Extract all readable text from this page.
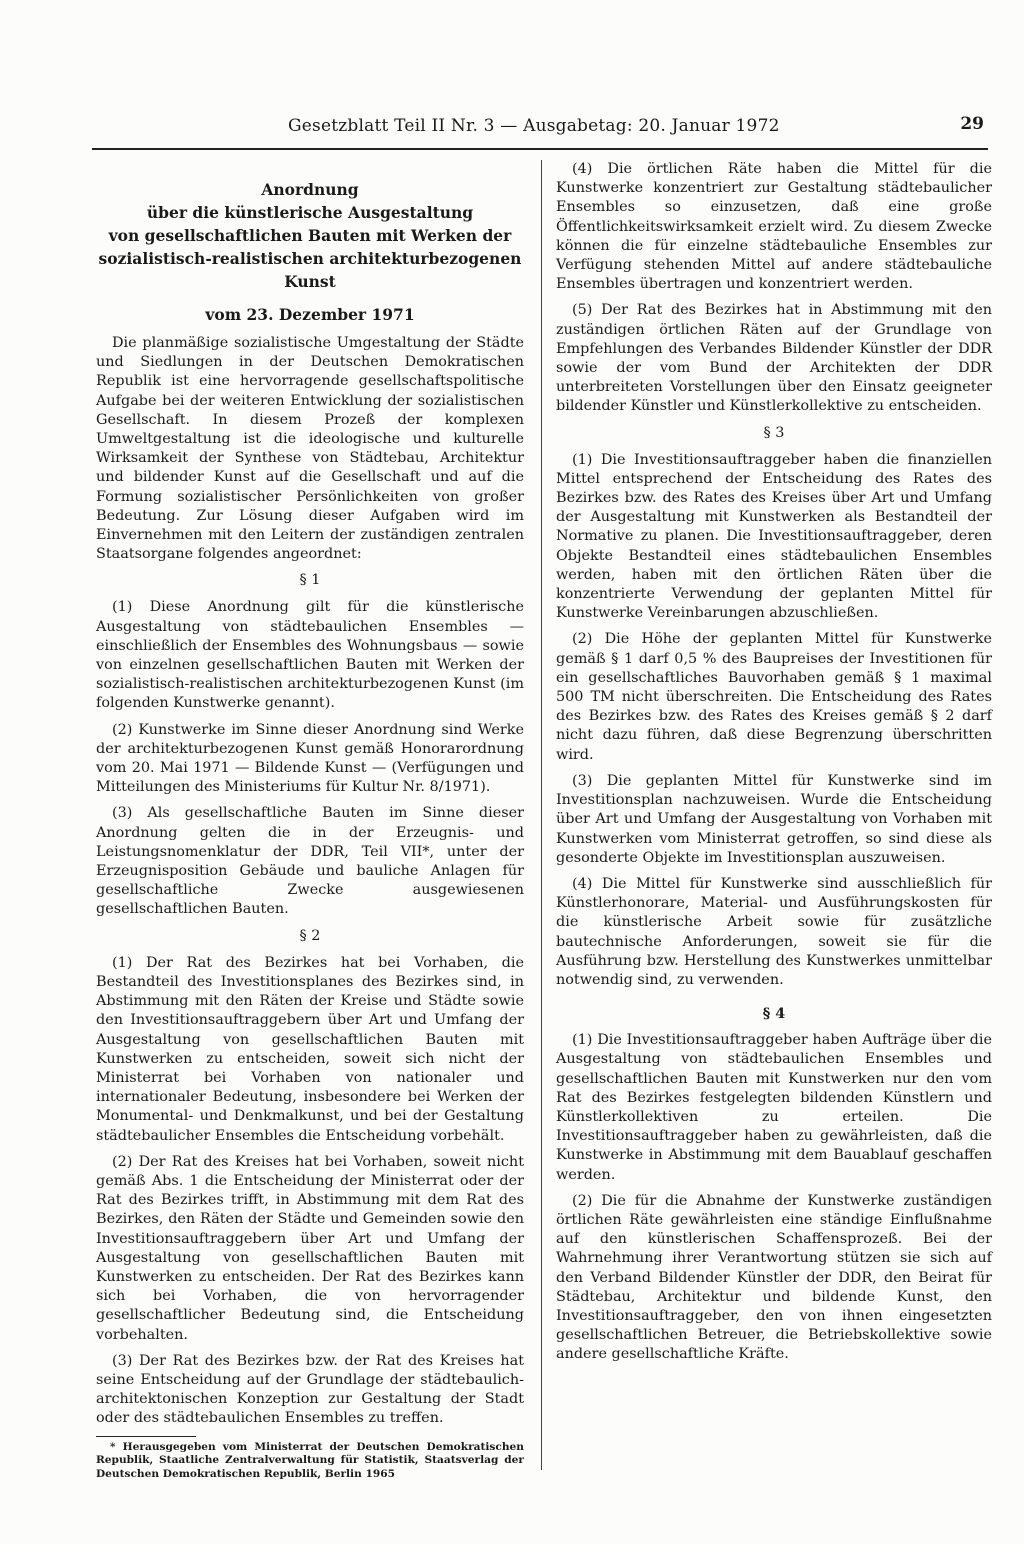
Gesetzblatt Teil II Nr. 3 — Ausgabetag: 20. Januar 1972	29
Anordnung
über die künstlerische Ausgestaltung
von gesellschaftlichen Bauten mit Werken der
sozialistisch-realistischen architekturbezogenen
Kunst
vom 23. Dezember 1971

Die planmäßige sozialistische Umgestaltung der Städte und Siedlungen in der Deutschen Demokratischen Republik ist eine hervorragende gesellschaftspolitische Aufgabe bei der weiteren Entwicklung der sozialistischen Gesellschaft. In diesem Prozeß der komplexen Umweltgestaltung ist die ideologische und kulturelle Wirksamkeit der Synthese von Städtebau, Architektur und bildender Kunst auf die Gesellschaft und auf die Formung sozialistischer Persönlichkeiten von großer Bedeutung. Zur Lösung dieser Aufgaben wird im Einvernehmen mit den Leitern der zuständigen zentralen Staatsorgane folgendes angeordnet:

§ 1

(1) Diese Anordnung gilt für die künstlerische Ausgestaltung von städtebaulichen Ensembles — einschließlich der Ensembles des Wohnungsbaus — sowie von einzelnen gesellschaftlichen Bauten mit Werken der sozialistisch-realistischen architekturbezogenen Kunst (im folgenden Kunstwerke genannt).

(2) Kunstwerke im Sinne dieser Anordnung sind Werke der architekturbezogenen Kunst gemäß Honorarordnung vom 20. Mai 1971 — Bildende Kunst — (Verfügungen und Mitteilungen des Ministeriums für Kultur Nr. 8/1971).

(3) Als gesellschaftliche Bauten im Sinne dieser Anordnung gelten die in der Erzeugnis- und Leistungsnomenklatur der DDR, Teil VII*, unter der Erzeugnisposition Gebäude und bauliche Anlagen für gesellschaftliche Zwecke ausgewiesenen gesellschaftlichen Bauten.

§ 2

(1) Der Rat des Bezirkes hat bei Vorhaben, die Bestandteil des Investitionsplanes des Bezirkes sind, in Abstimmung mit den Räten der Kreise und Städte sowie den Investitionsauftraggebern über Art und Umfang der Ausgestaltung von gesellschaftlichen Bauten mit Kunstwerken zu entscheiden, soweit sich nicht der Ministerrat bei Vorhaben von nationaler und internationaler Bedeutung, insbesondere bei Werken der Monumental- und Denkmalkunst, und bei der Gestaltung städtebaulicher Ensembles die Entscheidung vorbehält.

(2) Der Rat des Kreises hat bei Vorhaben, soweit nicht gemäß Abs. 1 die Entscheidung der Ministerrat oder der Rat des Bezirkes trifft, in Abstimmung mit dem Rat des Bezirkes, den Räten der Städte und Gemeinden sowie den Investitionsauftraggebern über Art und Umfang der Ausgestaltung von gesellschaftlichen Bauten mit Kunstwerken zu entscheiden. Der Rat des Bezirkes kann sich bei Vorhaben, die von hervorragender gesellschaftlicher Bedeutung sind, die Entscheidung vorbehalten.

(3) Der Rat des Bezirkes bzw. der Rat des Kreises hat seine Entscheidung auf der Grundlage der städtebaulich-architektonischen Konzeption zur Gestaltung der Stadt oder des städtebaulichen Ensembles zu treffen.

* Herausgegeben vom Ministerrat der Deutschen Demokratischen Republik, Staatliche Zentralverwaltung für Statistik, Staatsverlag der Deutschen Demokratischen Republik, Berlin 1965

(4) Die örtlichen Räte haben die Mittel für die Kunstwerke konzentriert zur Gestaltung städtebaulicher Ensembles so einzusetzen, daß eine große Öffentlichkeitswirksamkeit erzielt wird. Zu diesem Zwecke können die für einzelne städtebauliche Ensembles zur Verfügung stehenden Mittel auf andere städtebauliche Ensembles übertragen und konzentriert werden.

(5) Der Rat des Bezirkes hat in Abstimmung mit den zuständigen örtlichen Räten auf der Grundlage von Empfehlungen des Verbandes Bildender Künstler der DDR sowie der vom Bund der Architekten der DDR unterbreiteten Vorstellungen über den Einsatz geeigneter bildender Künstler und Künstlerkollektive zu entscheiden.

§ 3

(1) Die Investitionsauftraggeber haben die finanziellen Mittel entsprechend der Entscheidung des Rates des Bezirkes bzw. des Rates des Kreises über Art und Umfang der Ausgestaltung mit Kunstwerken als Bestandteil der Normative zu planen. Die Investitionsauftraggeber, deren Objekte Bestandteil eines städtebaulichen Ensembles werden, haben mit den örtlichen Räten über die konzentrierte Verwendung der geplanten Mittel für Kunstwerke Vereinbarungen abzuschließen.

(2) Die Höhe der geplanten Mittel für Kunstwerke gemäß § 1 darf 0,5 % des Baupreises der Investitionen für ein gesellschaftliches Bauvorhaben gemäß § 1 maximal 500 TM nicht überschreiten. Die Entscheidung des Rates des Bezirkes bzw. des Rates des Kreises gemäß § 2 darf nicht dazu führen, daß diese Begrenzung überschritten wird.

(3) Die geplanten Mittel für Kunstwerke sind im Investitionsplan nachzuweisen. Wurde die Entscheidung über Art und Umfang der Ausgestaltung von Vorhaben mit Kunstwerken vom Ministerrat getroffen, so sind diese als gesonderte Objekte im Investitionsplan auszuweisen.

(4) Die Mittel für Kunstwerke sind ausschließlich für Künstlerhonorare, Material- und Ausführungskosten für die künstlerische Arbeit sowie für zusätzliche bautechnische Anforderungen, soweit sie für die Ausführung bzw. Herstellung des Kunstwerkes unmittelbar notwendig sind, zu verwenden.

§ 4

(1) Die Investitionsauftraggeber haben Aufträge über die Ausgestaltung von städtebaulichen Ensembles und gesellschaftlichen Bauten mit Kunstwerken nur den vom Rat des Bezirkes festgelegten bildenden Künstlern und Künstlerkollektiven zu erteilen. Die Investitionsauftraggeber haben zu gewährleisten, daß die Kunstwerke in Abstimmung mit dem Bauablauf geschaffen werden.

(2) Die für die Abnahme der Kunstwerke zuständigen örtlichen Räte gewährleisten eine ständige Einflußnahme auf den künstlerischen Schaffensprozeß. Bei der Wahrnehmung ihrer Verantwortung stützen sie sich auf den Verband Bildender Künstler der DDR, den Beirat für Städtebau, Architektur und bildende Kunst, den Investitionsauftraggeber, den von ihnen eingesetzten gesellschaftlichen Betreuer, die Betriebskollektive sowie andere gesellschaftliche Kräfte.
